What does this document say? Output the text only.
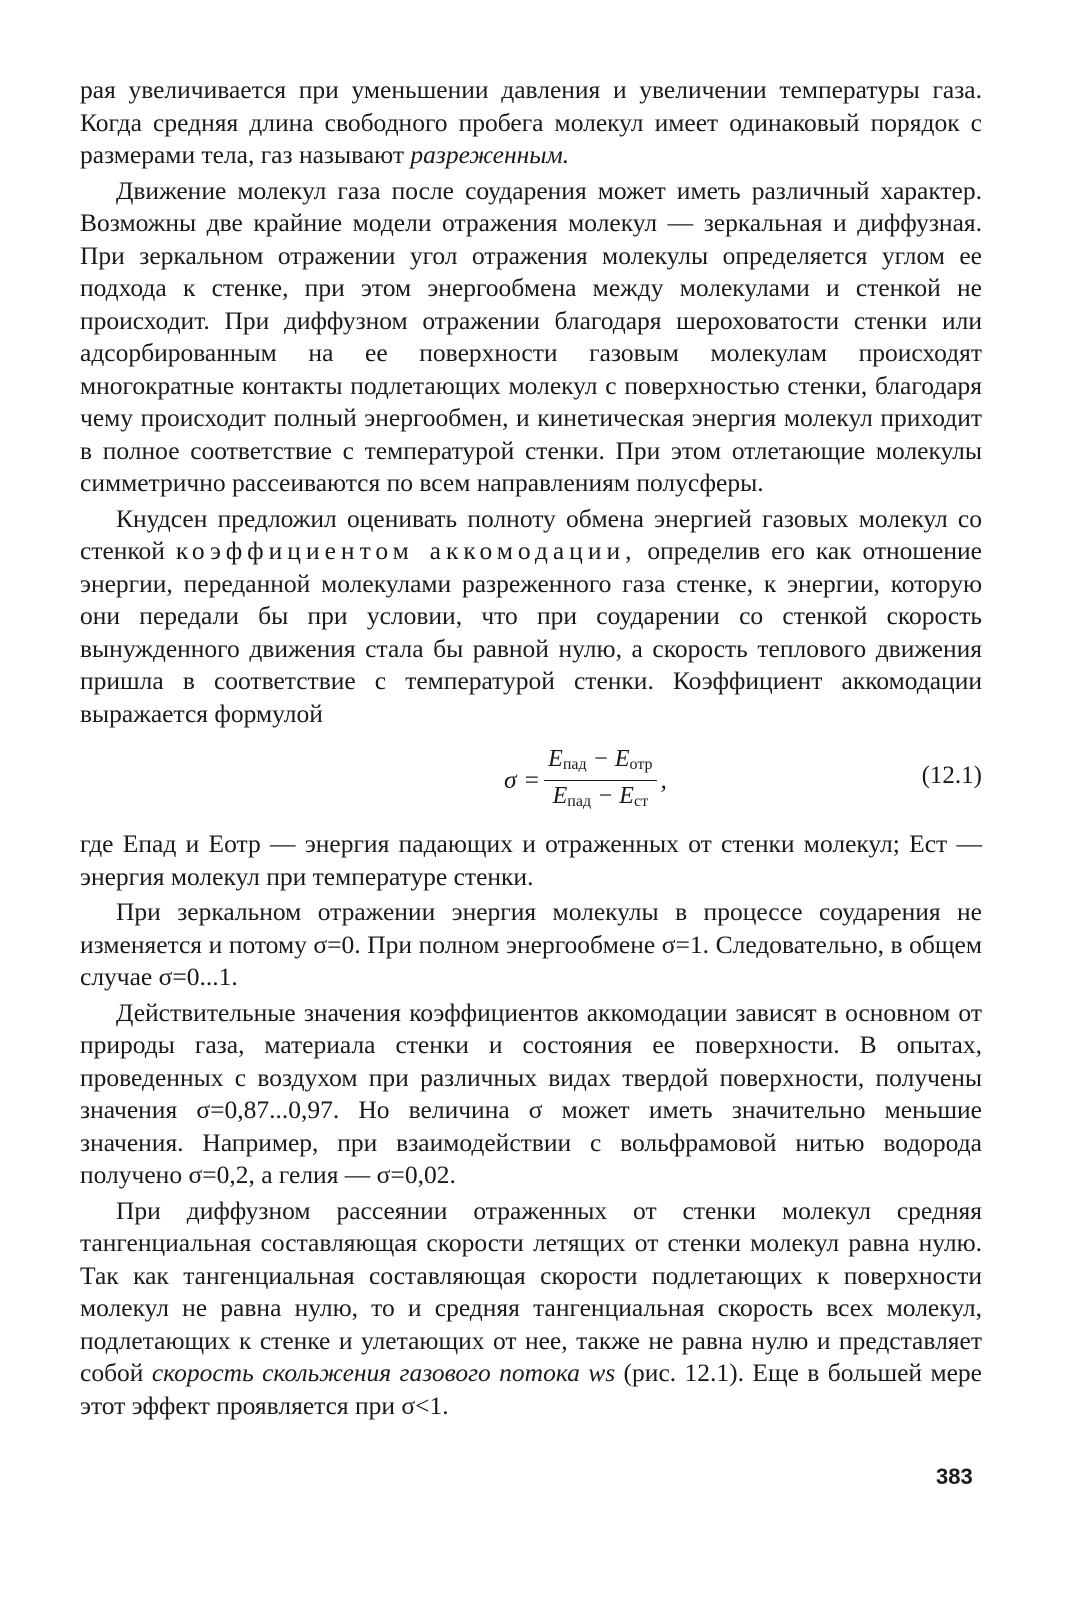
рая увеличивается при уменьшении давления и увеличении температуры газа. Когда средняя длина свободного пробега молекул имеет одинаковый порядок с размерами тела, газ называют разреженным.

Движение молекул газа после соударения может иметь различный характер. Возможны две крайние модели отражения молекул — зеркальная и диффузная. При зеркальном отражении угол отражения молекулы определяется углом ее подхода к стенке, при этом энергообмена между молекулами и стенкой не происходит. При диффузном отражении благодаря шероховатости стенки или адсорбированным на ее поверхности газовым молекулам происходят многократные контакты подлетающих молекул с поверхностью стенки, благодаря чему происходит полный энергообмен, и кинетическая энергия молекул приходит в полное соответствие с температурой стенки. При этом отлетающие молекулы симметрично рассеиваются по всем направлениям полусферы.

Кнудсен предложил оценивать полноту обмена энергией газовых молекул со стенкой коэффициентом аккомодации, определив его как отношение энергии, переданной молекулами разреженного газа стенке, к энергии, которую они передали бы при условии, что при соударении со стенкой скорость вынужденного движения стала бы равной нулю, а скорость теплового движения пришла в соответствие с температурой стенки. Коэффициент аккомодации выражается формулой

$\sigma = \frac{\text{Eпад − Eотр}}{\text{Eпад − Eст}}$ ,	(12.1)

где Eпад и Eотр — энергия падающих и отраженных от стенки молекул; Eст — энергия молекул при температуре стенки.

При зеркальном отражении энергия молекулы в процессе соударения не изменяется и потому σ=0. При полном энергообмене σ=1. Следовательно, в общем случае σ=0...1.

Действительные значения коэффициентов аккомодации зависят в основном от природы газа, материала стенки и состояния ее поверхности. В опытах, проведенных с воздухом при различных видах твердой поверхности, получены значения σ=0,87...0,97. Но величина σ может иметь значительно меньшие значения. Например, при взаимодействии с вольфрамовой нитью водорода получено σ=0,2, а гелия — σ=0,02.

При диффузном рассеянии отраженных от стенки молекул средняя тангенциальная составляющая скорости летящих от стенки молекул равна нулю. Так как тангенциальная составляющая скорости подлетающих к поверхности молекул не равна нулю, то и средняя тангенциальная скорость всех молекул, подлетающих к стенке и улетающих от нее, также не равна нулю и представляет собой скорость скольжения газового потока ws (рис. 12.1). Еще в большей мере этот эффект проявляется при σ<1.

383
